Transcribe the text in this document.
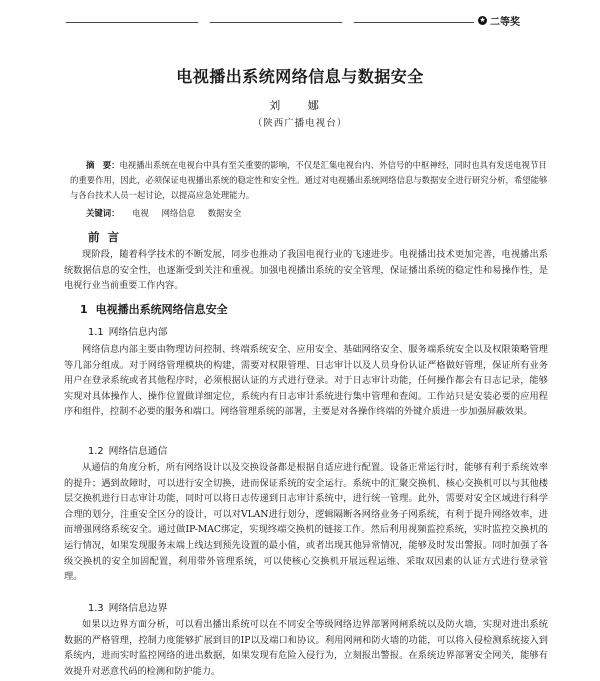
★ 二等奖
电视播出系统网络信息与数据安全
刘 娜
（陕西广播电视台）

摘　要：电视播出系统在电视台中具有至关重要的影响，不仅是汇集电视台内、外信号的中枢神经，同时也具有发送电视节目的重要作用，因此，必须保证电视播出系统的稳定性和安全性。通过对电视播出系统网络信息与数据安全进行研究分析，希望能够与各台技术人员一起讨论，以提高应急处理能力。

关键词： 电视 网络信息 数据安全
前言

现阶段，随着科学技术的不断发展，同步也推动了我国电视行业的飞速进步。电视播出技术更加完善，电视播出系统数据信息的安全性，也逐渐受到关注和重视。加强电视播出系统的安全管理，保证播出系统的稳定性和易操作性，是电视行业当前重要工作内容。

1 电视播出系统网络信息安全
1.1 网络信息内部

网络信息内部主要由物理访问控制、终端系统安全、应用安全、基础网络安全、服务端系统安全以及权限策略管理等几部分组成。对于网络管理模块的构建，需要对权限管理、日志审计以及人员身份认证严格做好管理，保证所有业务用户在登录系统或者其他程序时，必须根据认证的方式进行登录。对于日志审计功能，任何操作都会有日志记录，能够实现对具体操作人、操作位置做详细定位，系统内有日志审计系统进行集中管理和查阅。工作站只是安装必要的应用程序和组件，控制不必要的服务和端口。网络管理系统的部署，主要是对各操作终端的外键介质进一步加强屏蔽效果。

1.2 网络信息通信

从通信的角度分析，所有网络设计以及交换设备都是根据自适应进行配置。设备正常运行时，能够有利于系统效率的提升；遇到故障时，可以进行安全切换，进而保证系统的安全运行。系统中的汇聚交换机、核心交换机可以与其他楼层交换机进行日志审计功能，同时可以将日志传递到日志审计系统中，进行统一管理。此外，需要对安全区域进行科学合理的划分，注重安全区分的设计，可以对VLAN进行划分，逻辑隔断各网络业务子网系统，有利于提升网络效率，进而增强网络系统安全。通过做IP-MAC绑定，实现终端交换机的链接工作。然后利用视频监控系统，实时监控交换机的运行情况，如果发现服务末端上线达到预先设置的最小值，或者出现其他异常情况，能够及时发出警报。同时加强了各级交换机的安全加固配置，利用带外管理系统，可以使核心交换机开展远程运维、采取双因素的认证方式进行登录管理。

1.3 网络信息边界

如果以边界方面分析，可以看出播出系统可以在不同安全等级网络边界部署网闸系统以及防火墙，实现对进出系统数据的严格管理，控制力度能够扩展到目的IP以及端口和协议。利用网闸和防火墙的功能，可以将入侵检测系统接入到系统内，进而实时监控网络的进出数据，如果发现有危险入侵行为，立刻报出警报。在系统边界部署安全网关，能够有效提升对恶意代码的检测和防护能力。
